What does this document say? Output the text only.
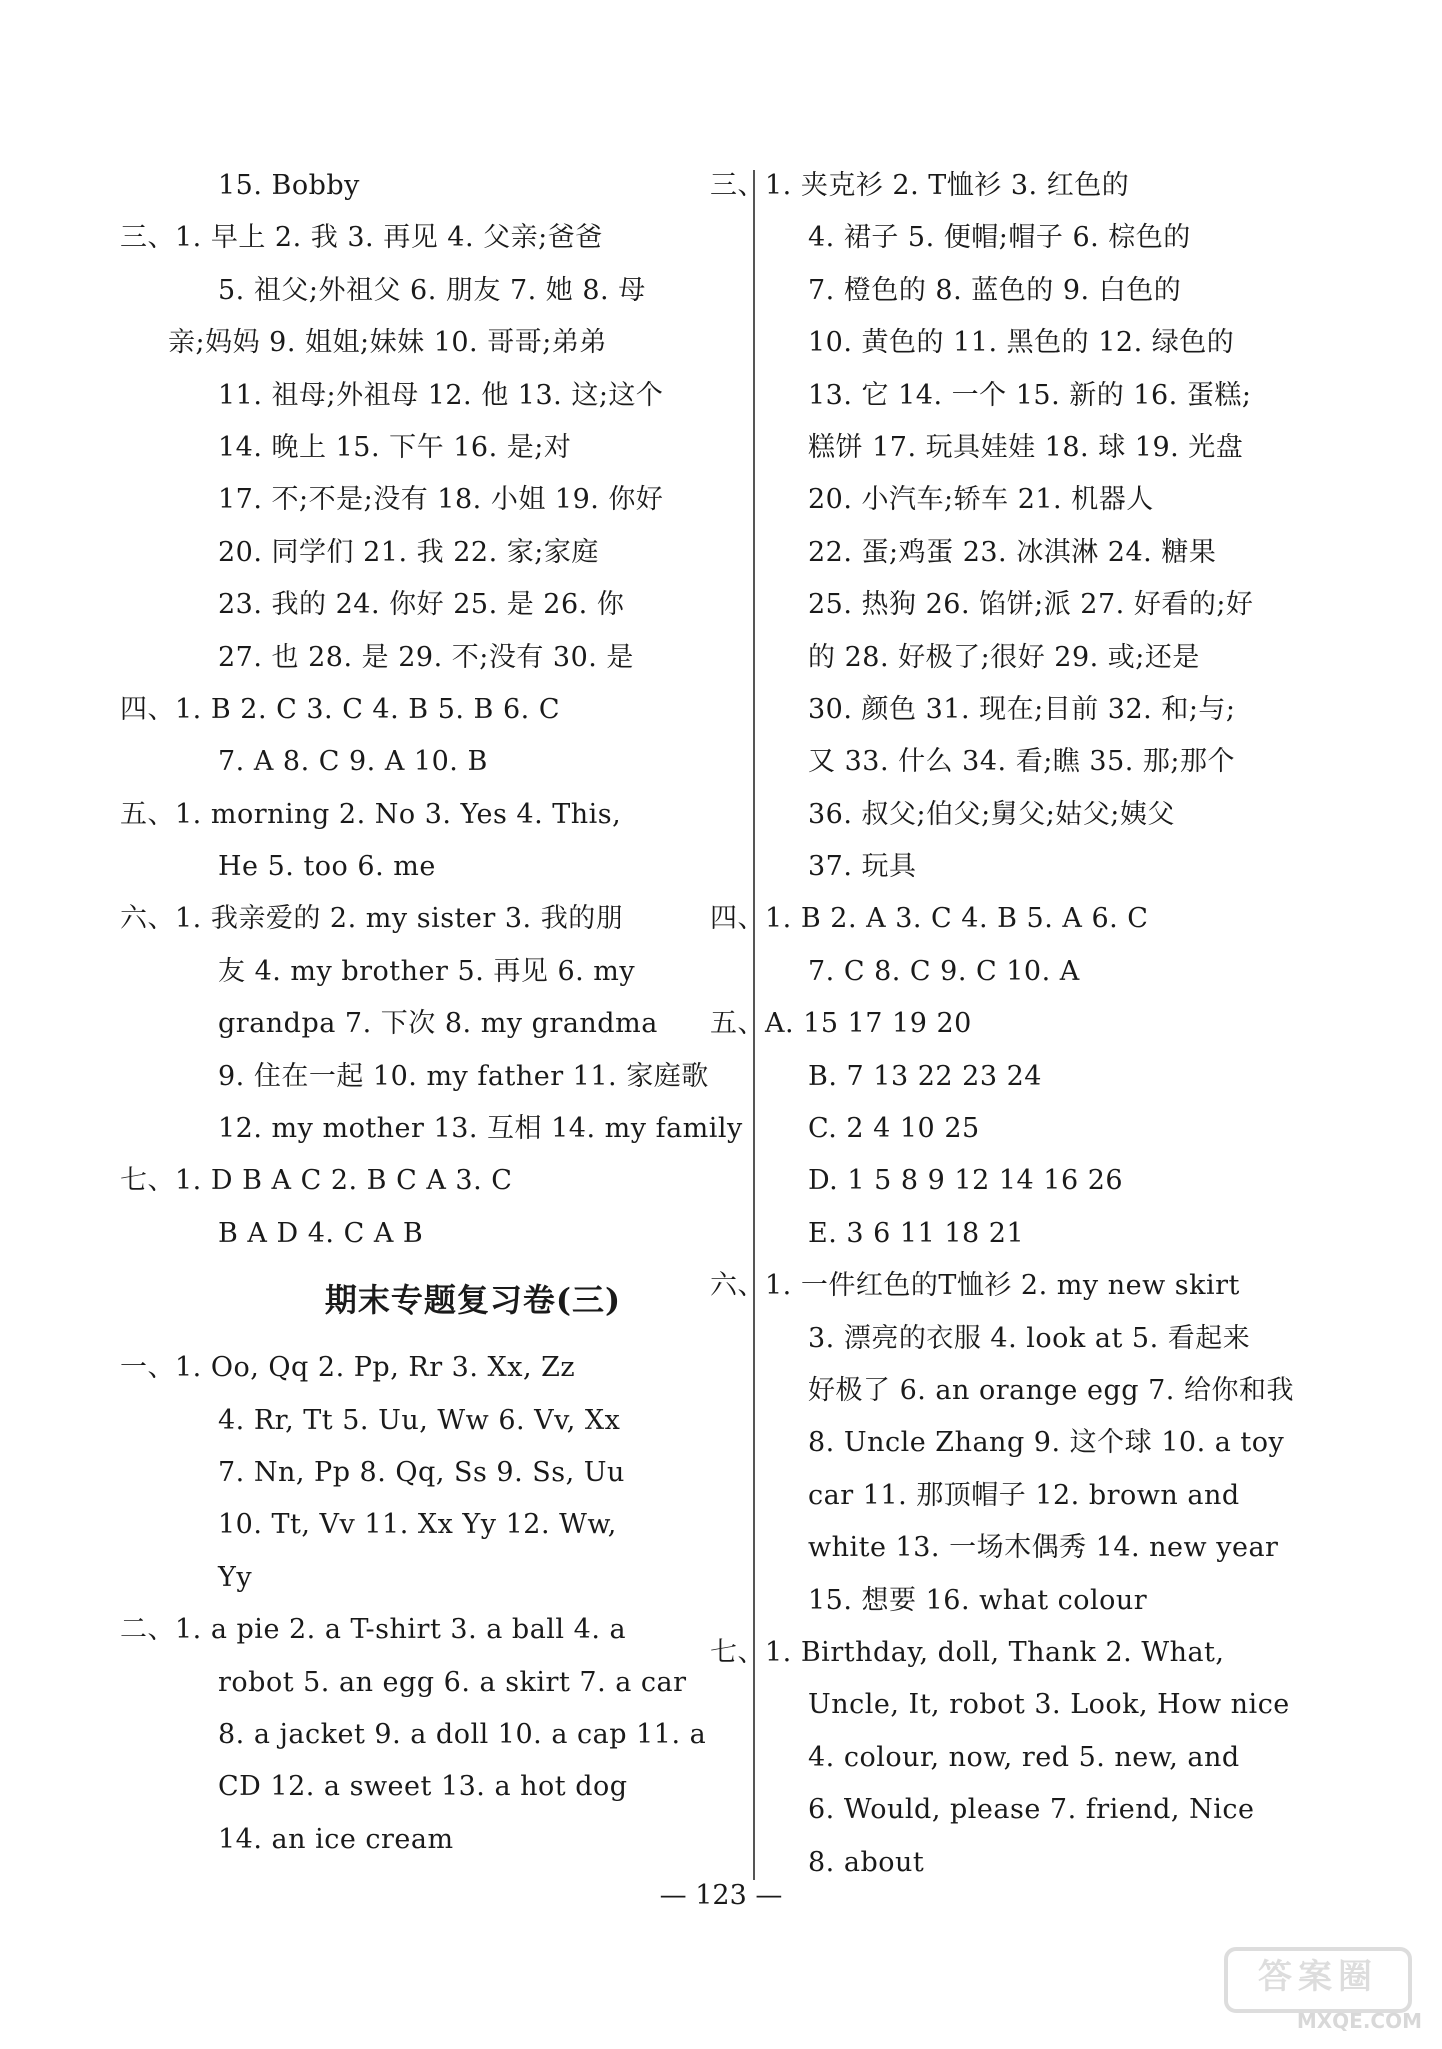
15. Bobby
三、1. 早上 2. 我 3. 再见 4. 父亲;爸爸
5. 祖父;外祖父 6. 朋友 7. 她 8. 母
亲;妈妈 9. 姐姐;妹妹 10. 哥哥;弟弟
11. 祖母;外祖母 12. 他 13. 这;这个
14. 晚上 15. 下午 16. 是;对
17. 不;不是;没有 18. 小姐 19. 你好
20. 同学们 21. 我 22. 家;家庭
23. 我的 24. 你好 25. 是 26. 你
27. 也 28. 是 29. 不;没有 30. 是
四、1. B 2. C 3. C 4. B 5. B 6. C
7. A 8. C 9. A 10. B
五、1. morning 2. No 3. Yes 4. This,
He 5. too 6. me
六、1. 我亲爱的 2. my sister 3. 我的朋
友 4. my brother 5. 再见 6. my
grandpa 7. 下次 8. my grandma
9. 住在一起 10. my father 11. 家庭歌
12. my mother 13. 互相 14. my family
七、1. D B A C 2. B C A 3. C
B A D 4. C A B
期末专题复习卷(三)
一、1. Oo, Qq 2. Pp, Rr 3. Xx, Zz
4. Rr, Tt 5. Uu, Ww 6. Vv, Xx
7. Nn, Pp 8. Qq, Ss 9. Ss, Uu
10. Tt, Vv 11. Xx Yy 12. Ww,
Yy
二、1. a pie 2. a T-shirt 3. a ball 4. a
robot 5. an egg 6. a skirt 7. a car
8. a jacket 9. a doll 10. a cap 11. a
CD 12. a sweet 13. a hot dog
14. an ice cream
三、1. 夹克衫 2. T恤衫 3. 红色的
4. 裙子 5. 便帽;帽子 6. 棕色的
7. 橙色的 8. 蓝色的 9. 白色的
10. 黄色的 11. 黑色的 12. 绿色的
13. 它 14. 一个 15. 新的 16. 蛋糕;
糕饼 17. 玩具娃娃 18. 球 19. 光盘
20. 小汽车;轿车 21. 机器人
22. 蛋;鸡蛋 23. 冰淇淋 24. 糖果
25. 热狗 26. 馅饼;派 27. 好看的;好
的 28. 好极了;很好 29. 或;还是
30. 颜色 31. 现在;目前 32. 和;与;
又 33. 什么 34. 看;瞧 35. 那;那个
36. 叔父;伯父;舅父;姑父;姨父
37. 玩具
四、1. B 2. A 3. C 4. B 5. A 6. C
7. C 8. C 9. C 10. A
五、A. 15 17 19 20
B. 7 13 22 23 24
C. 2 4 10 25
D. 1 5 8 9 12 14 16 26
E. 3 6 11 18 21
六、1. 一件红色的T恤衫 2. my new skirt
3. 漂亮的衣服 4. look at 5. 看起来
好极了 6. an orange egg 7. 给你和我
8. Uncle Zhang 9. 这个球 10. a toy
car 11. 那顶帽子 12. brown and
white 13. 一场木偶秀 14. new year
15. 想要 16. what colour
七、1. Birthday, doll, Thank 2. What,
Uncle, It, robot 3. Look, How nice
4. colour, now, red 5. new, and
6. Would, please 7. friend, Nice
8. about
— 123 —
答案圈
MXQE.COM
